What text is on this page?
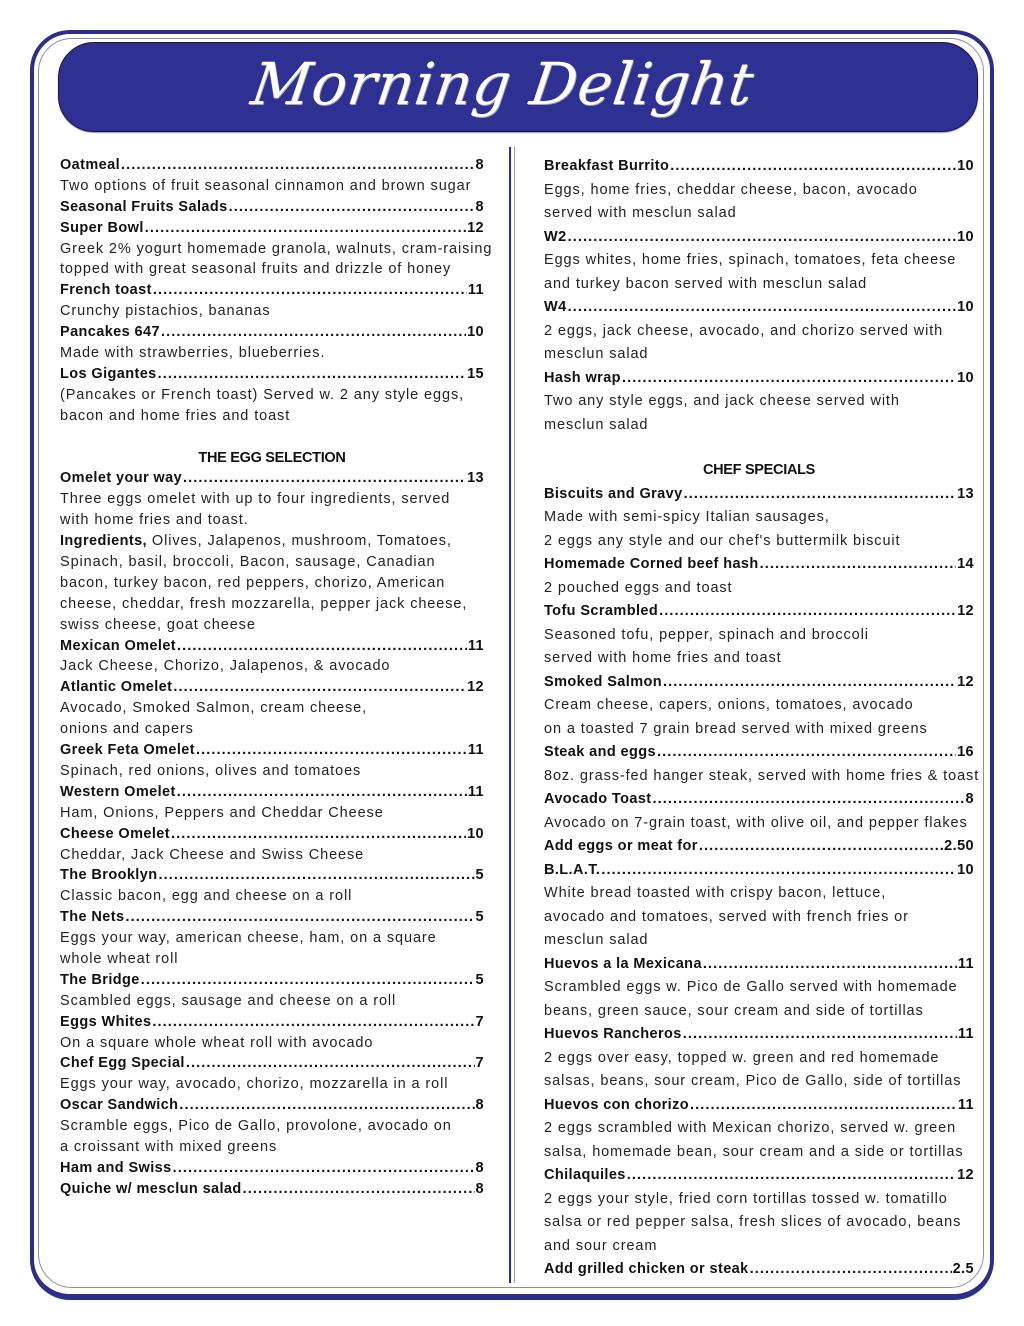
Morning Delight
Oatmeal .....	8
Two options of fruit seasonal cinnamon and brown sugar
Seasonal Fruits Salads .....	8
Super Bowl .....	12
Greek 2% yogurt homemade granola, walnuts, cram-raising
topped with great seasonal fruits and drizzle of honey
French toast .....	11
Crunchy pistachios, bananas
Pancakes 647 .....	10
Made with strawberries, blueberries.
Los Gigantes .....	15
(Pancakes or French toast) Served w. 2 any style eggs,
bacon and home fries and toast
THE EGG SELECTION
Omelet your way .....	13
Three eggs omelet with up to four ingredients, served
with home fries and toast.
Ingredients, Olives, Jalapenos, mushroom, Tomatoes,
Spinach, basil, broccoli, Bacon, sausage, Canadian
bacon, turkey bacon, red peppers, chorizo, American
cheese, cheddar, fresh mozzarella, pepper jack cheese,
swiss cheese, goat cheese
Mexican Omelet .....	11
Jack Cheese, Chorizo, Jalapenos, & avocado
Atlantic Omelet .....	12
Avocado, Smoked Salmon, cream cheese,
onions and capers
Greek Feta Omelet .....	11
Spinach, red onions, olives and tomatoes
Western Omelet .....	11
Ham, Onions, Peppers and Cheddar Cheese
Cheese Omelet .....	10
Cheddar, Jack Cheese and Swiss Cheese
The Brooklyn .....	5
Classic bacon, egg and cheese on a roll
The Nets .....	5
Eggs your way, american cheese, ham, on a square
whole wheat roll
The Bridge .....	5
Scambled eggs, sausage and cheese on a roll
Eggs Whites .....	7
On a square whole wheat roll with avocado
Chef Egg Special .....	7
Eggs your way, avocado, chorizo, mozzarella in a roll
Oscar Sandwich .....	8
Scramble eggs, Pico de Gallo, provolone, avocado on
a croissant with mixed greens
Ham and Swiss .....	8
Quiche w/ mesclun salad .....	8
Breakfast Burrito .....	10
Eggs, home fries, cheddar cheese, bacon, avocado
served with mesclun salad
W2 .....	10
Eggs whites, home fries, spinach, tomatoes, feta cheese
and turkey bacon served with mesclun salad
W4 .....	10
2 eggs, jack cheese, avocado, and chorizo served with
mesclun salad
Hash wrap .....	10
Two any style eggs, and jack cheese served with
mesclun salad
CHEF SPECIALS
Biscuits and Gravy .....	13
Made with semi-spicy Italian sausages,
2 eggs any style and our chef's buttermilk biscuit
Homemade Corned beef hash .....	14
2 pouched eggs and toast
Tofu Scrambled .....	12
Seasoned tofu, pepper, spinach and broccoli
served with home fries and toast
Smoked Salmon .....	12
Cream cheese, capers, onions, tomatoes, avocado
on a toasted 7 grain bread served with mixed greens
Steak and eggs .....	16
8oz. grass-fed hanger steak, served with home fries & toast
Avocado Toast .....	8
Avocado on 7-grain toast, with olive oil, and pepper flakes
Add eggs or meat for .....	2.50
B.L.A.T. .....	10
White bread toasted with crispy bacon, lettuce,
avocado and tomatoes, served with french fries or
mesclun salad
Huevos a la Mexicana .....	11
Scrambled eggs w. Pico de Gallo served with homemade
beans, green sauce, sour cream and side of tortillas
Huevos Rancheros .....	11
2 eggs over easy, topped w. green and red homemade
salsas, beans, sour cream, Pico de Gallo, side of tortillas
Huevos con chorizo .....	11
2 eggs scrambled with Mexican chorizo, served w. green
salsa, homemade bean, sour cream and a side or tortillas
Chilaquiles .....	12
2 eggs your style, fried corn tortillas tossed w. tomatillo
salsa or red pepper salsa, fresh slices of avocado, beans
and sour cream
Add grilled chicken or steak .....	2.5
